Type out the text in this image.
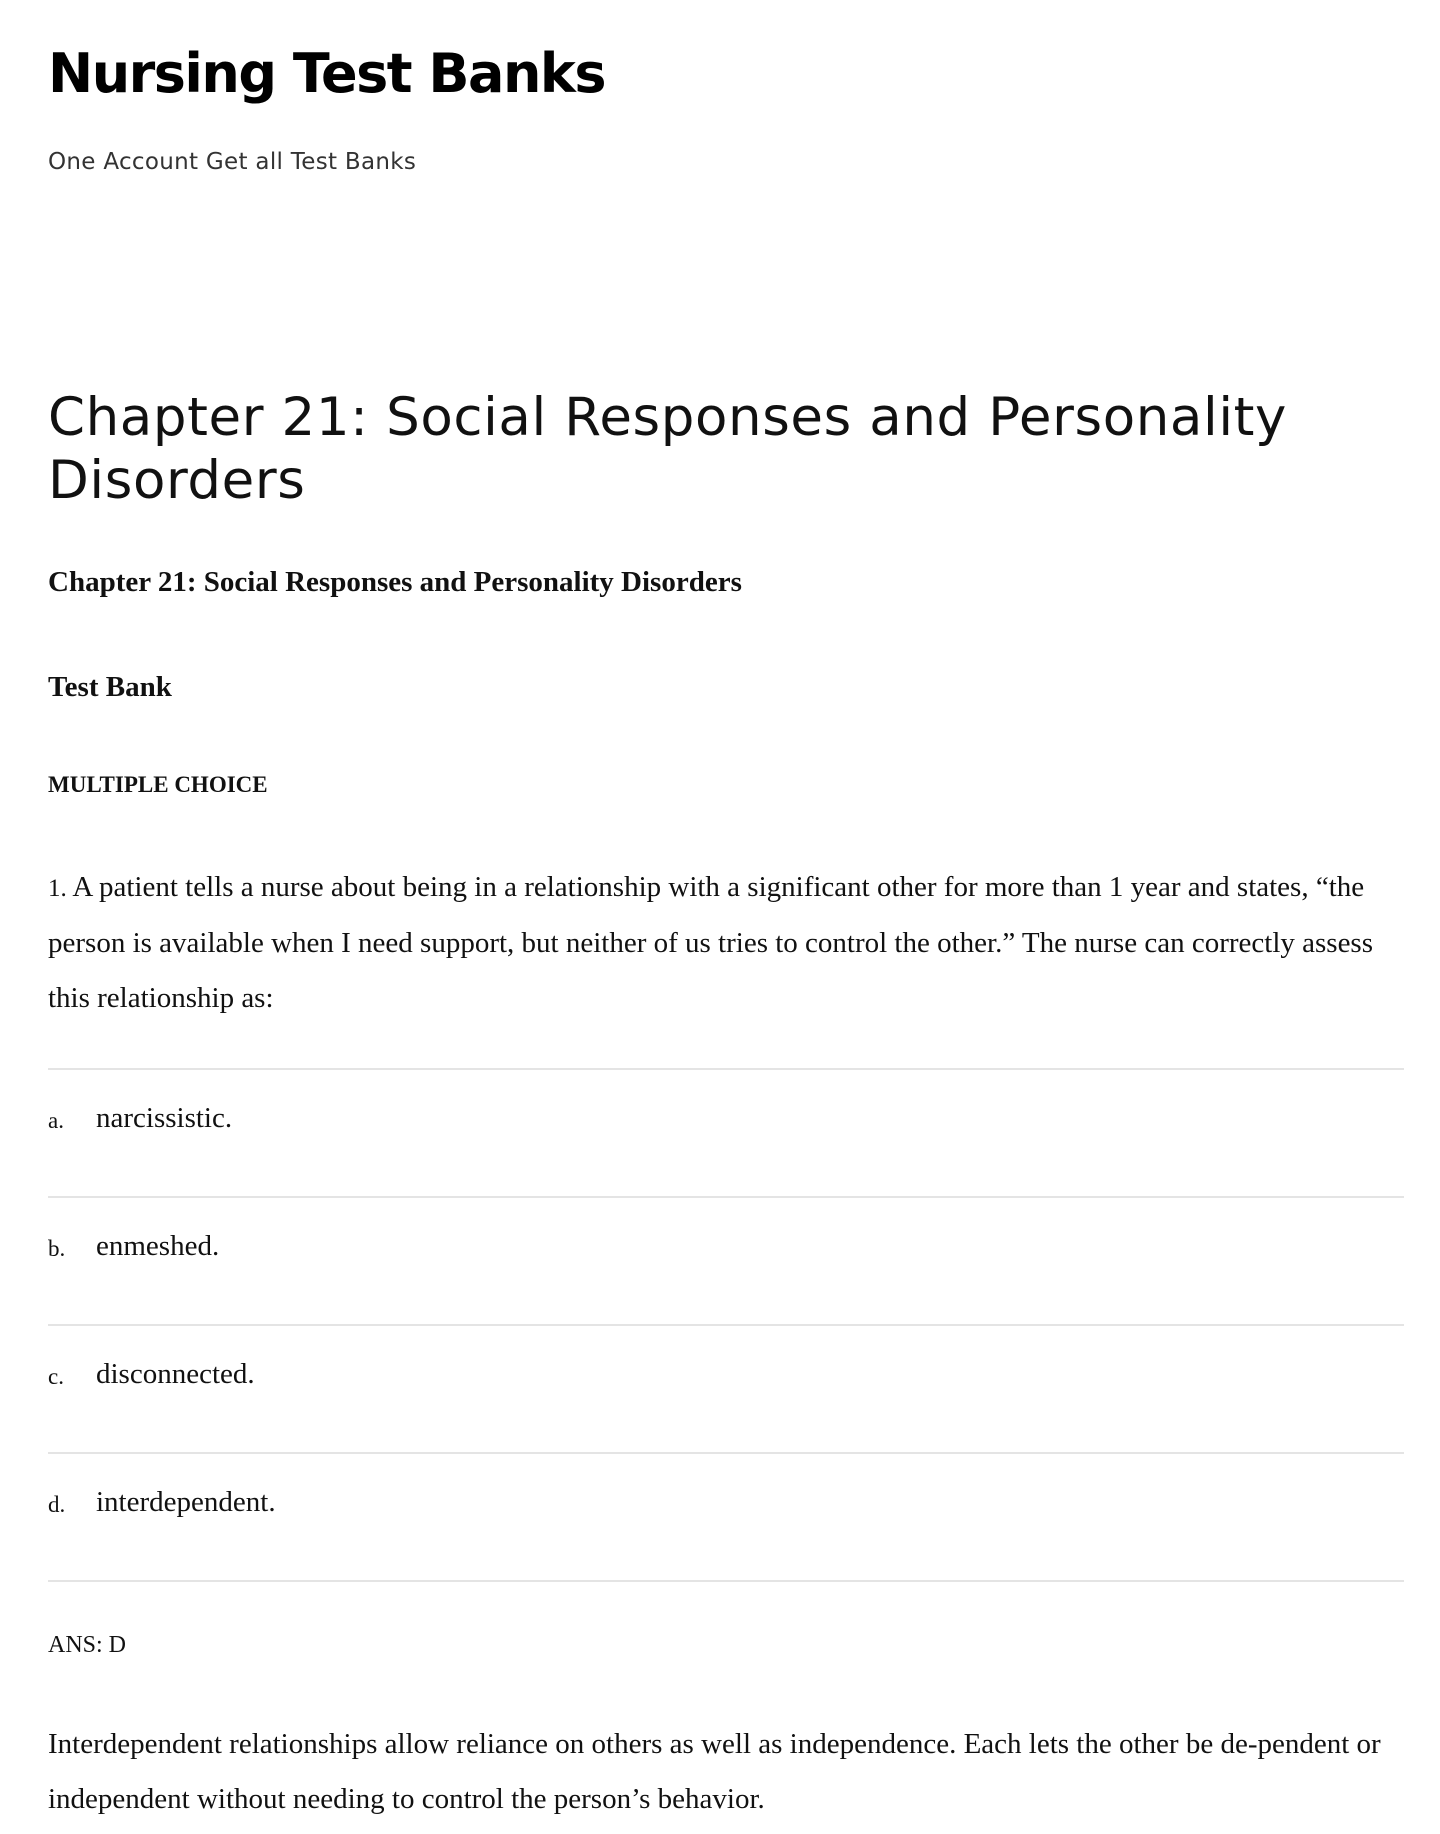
Nursing Test Banks
One Account Get all Test Banks
Chapter 21: Social Responses and Personality Disorders
Chapter 21: Social Responses and Personality Disorders
Test Bank
MULTIPLE CHOICE
1. A patient tells a nurse about being in a relationship with a significant other for more than 1 year and states, “the person is available when I need support, but neither of us tries to control the other.” The nurse can correctly assess this relationship as:
a. narcissistic.
b. enmeshed.
c. disconnected.
d. interdependent.
ANS: D
Interdependent relationships allow reliance on others as well as independence. Each lets the other be de-pendent or independent without needing to control the person’s behavior.
